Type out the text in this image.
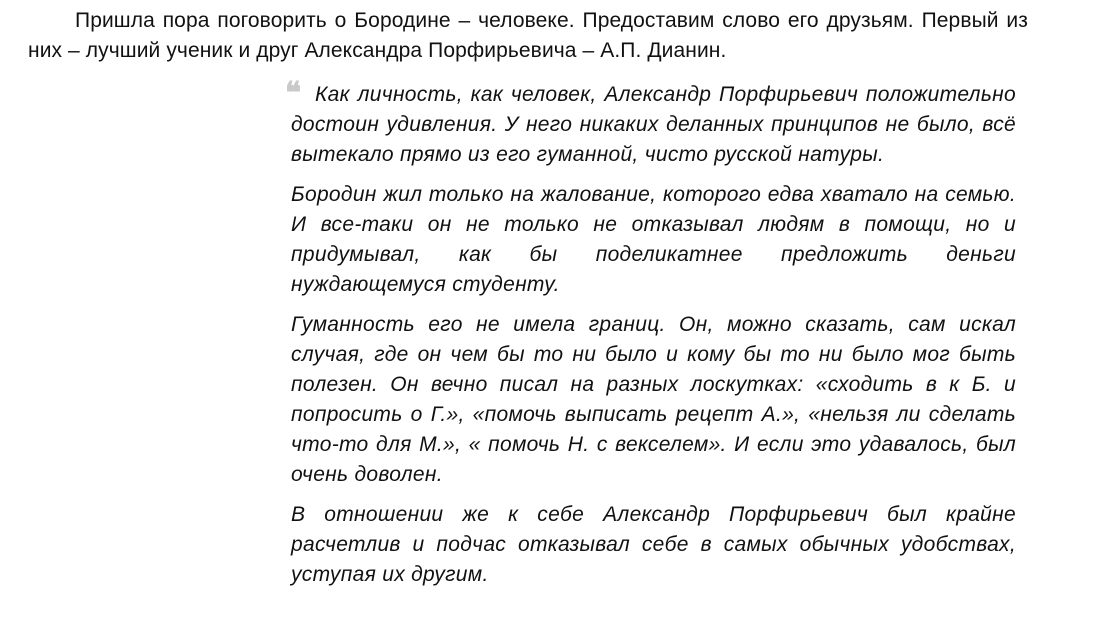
Пришла пора поговорить о Бородине – человеке. Предоставим слово его друзьям. Первый из них – лучший ученик и друг Александра Порфирьевича – А.П. Дианин.

❝ Как личность, как человек, Александр Порфирьевич положительно достоин удивления. У него никаких деланных принципов не было, всё вытекало прямо из его гуманной, чисто русской натуры.

Бородин жил только на жалование, которого едва хватало на семью. И все-таки он не только не отказывал людям в помощи, но и придумывал, как бы поделикатнее предложить деньги нуждающемуся студенту.

Гуманность его не имела границ. Он, можно сказать, сам искал случая, где он чем бы то ни было и кому бы то ни было мог быть полезен. Он вечно писал на разных лоскутках: «сходить в к Б. и попросить о Г.», «помочь выписать рецепт А.», «нельзя ли сделать что-то для М.», « помочь Н. с векселем». И если это удавалось, был очень доволен.

В отношении же к себе Александр Порфирьевич был крайне расчетлив и подчас отказывал себе в самых обычных удобствах, уступая их другим.
